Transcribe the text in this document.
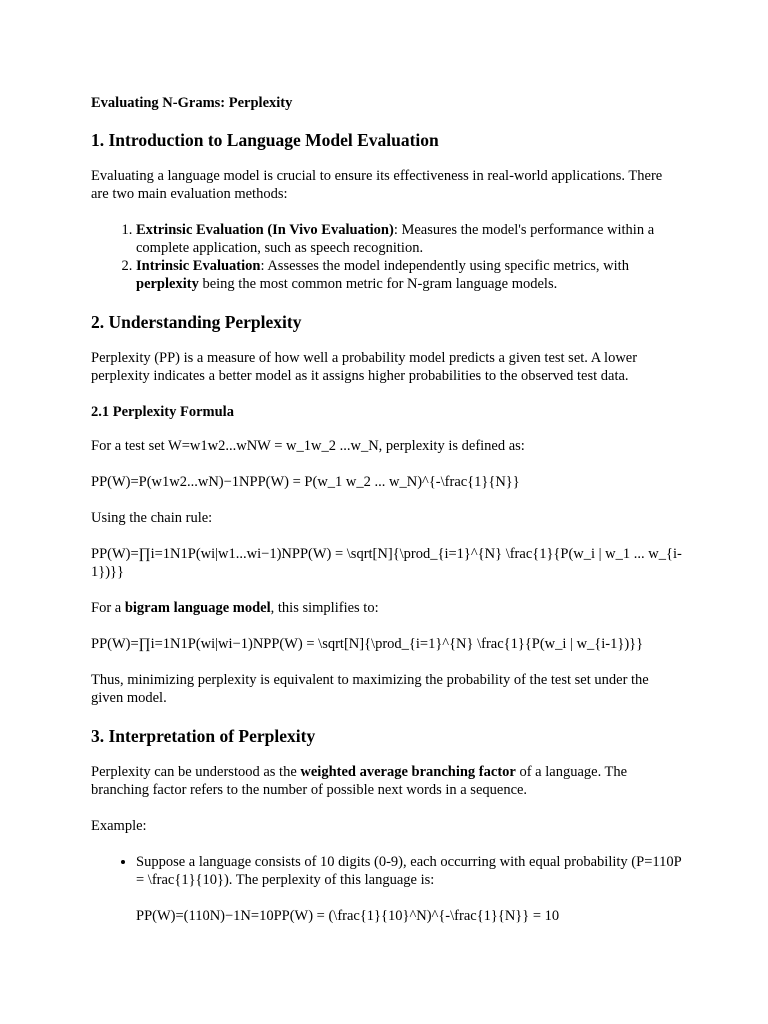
Evaluating N-Grams: Perplexity
1. Introduction to Language Model Evaluation

Evaluating a language model is crucial to ensure its effectiveness in real-world applications. There are two main evaluation methods:

1. Extrinsic Evaluation (In Vivo Evaluation): Measures the model's performance within a complete application, such as speech recognition.
2. Intrinsic Evaluation: Assesses the model independently using specific metrics, with perplexity being the most common metric for N-gram language models.
2. Understanding Perplexity

Perplexity (PP) is a measure of how well a probability model predicts a given test set. A lower perplexity indicates a better model as it assigns higher probabilities to the observed test data.

2.1 Perplexity Formula

For a test set W=w1w2...wNW = w_1w_2 ...w_N, perplexity is defined as:

PP(W)=P(w1w2...wN)−1NPP(W) = P(w_1 w_2 ... w_N)^{-\frac{1}{N}}

Using the chain rule:

PP(W)=∏i=1N1P(wi|w1...wi−1)NPP(W) = \sqrt[N]{\prod_{i=1}^{N} \frac{1}{P(w_i | w_1 ... w_{i-1})}}

For a bigram language model, this simplifies to:

PP(W)=∏i=1N1P(wi|wi−1)NPP(W) = \sqrt[N]{\prod_{i=1}^{N} \frac{1}{P(w_i | w_{i-1})}}

Thus, minimizing perplexity is equivalent to maximizing the probability of the test set under the given model.

3. Interpretation of Perplexity

Perplexity can be understood as the weighted average branching factor of a language. The branching factor refers to the number of possible next words in a sequence.

Example:

• Suppose a language consists of 10 digits (0-9), each occurring with equal probability (P=110P = \frac{1}{10}). The perplexity of this language is:
PP(W)=(110N)−1N=10PP(W) = (\frac{1}{10}^N)^{-\frac{1}{N}} = 10
